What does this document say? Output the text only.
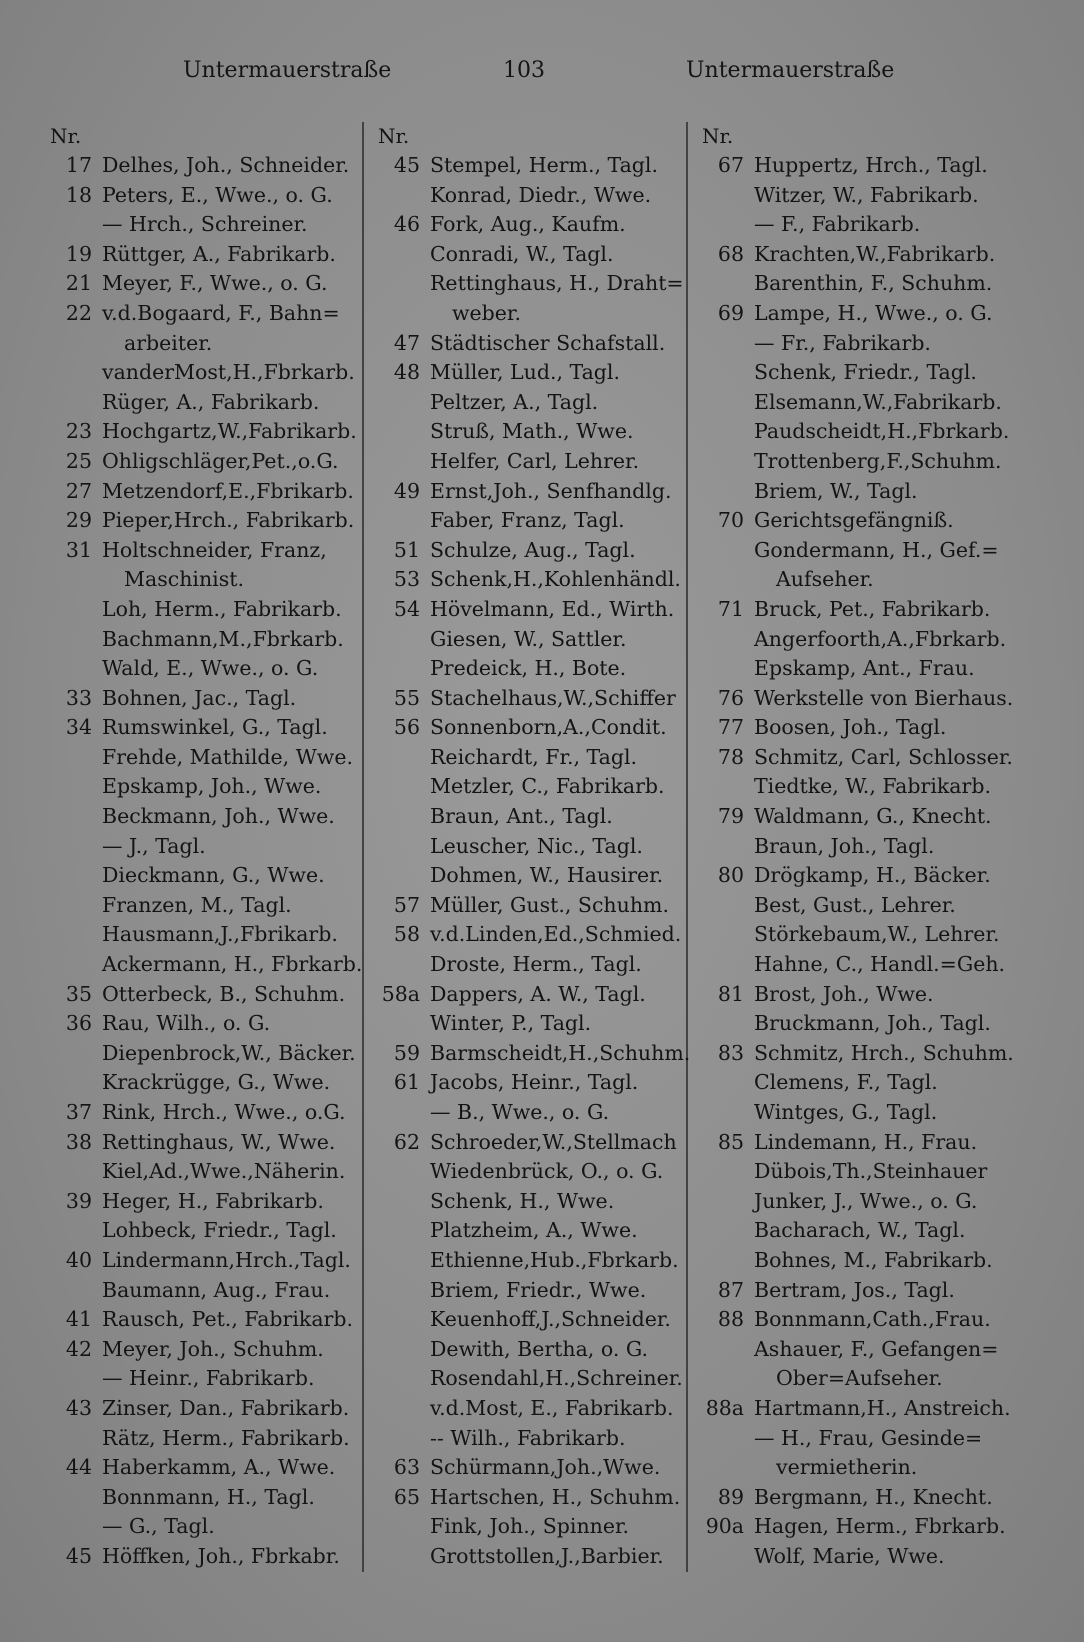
Untermauerstraße	103	Untermauerstraße
Nr.
17 Delhes, Joh., Schneider.
18 Peters, E., Wwe., o. G.
— Hrch., Schreiner.
19 Rüttger, A., Fabrikarb.
21 Meyer, F., Wwe., o. G.
22 v.d.Bogaard, F., Bahn=
arbeiter.
vanderMost,H.,Fbrkarb.
Rüger, A., Fabrikarb.
23 Hochgartz,W.,Fabrikarb.
25 Ohligschläger,Pet.,o.G.
27 Metzendorf,E.,Fbrikarb.
29 Pieper,Hrch., Fabrikarb.
31 Holtschneider, Franz,
Maschinist.
Loh, Herm., Fabrikarb.
Bachmann,M.,Fbrkarb.
Wald, E., Wwe., o. G.
33 Bohnen, Jac., Tagl.
34 Rumswinkel, G., Tagl.
Frehde, Mathilde, Wwe.
Epskamp, Joh., Wwe.
Beckmann, Joh., Wwe.
— J., Tagl.
Dieckmann, G., Wwe.
Franzen, M., Tagl.
Hausmann,J.,Fbrikarb.
Ackermann, H., Fbrkarb.
35 Otterbeck, B., Schuhm.
36 Rau, Wilh., o. G.
Diepenbrock,W., Bäcker.
Krackrügge, G., Wwe.
37 Rink, Hrch., Wwe., o.G.
38 Rettinghaus, W., Wwe.
Kiel,Ad.,Wwe.,Näherin.
39 Heger, H., Fabrikarb.
Lohbeck, Friedr., Tagl.
40 Lindermann,Hrch.,Tagl.
Baumann, Aug., Frau.
41 Rausch, Pet., Fabrikarb.
42 Meyer, Joh., Schuhm.
— Heinr., Fabrikarb.
43 Zinser, Dan., Fabrikarb.
Rätz, Herm., Fabrikarb.
44 Haberkamm, A., Wwe.
Bonnmann, H., Tagl.
— G., Tagl.
45 Höffken, Joh., Fbrkabr.
Nr.
45 Stempel, Herm., Tagl.
Konrad, Diedr., Wwe.
46 Fork, Aug., Kaufm.
Conradi, W., Tagl.
Rettinghaus, H., Draht=
weber.
47 Städtischer Schafstall.
48 Müller, Lud., Tagl.
Peltzer, A., Tagl.
Struß, Math., Wwe.
Helfer, Carl, Lehrer.
49 Ernst,Joh., Senfhandlg.
Faber, Franz, Tagl.
51 Schulze, Aug., Tagl.
53 Schenk,H.,Kohlenhändl.
54 Hövelmann, Ed., Wirth.
Giesen, W., Sattler.
Predeick, H., Bote.
55 Stachelhaus,W.,Schiffer
56 Sonnenborn,A.,Condit.
Reichardt, Fr., Tagl.
Metzler, C., Fabrikarb.
Braun, Ant., Tagl.
Leuscher, Nic., Tagl.
Dohmen, W., Hausirer.
57 Müller, Gust., Schuhm.
58 v.d.Linden,Ed.,Schmied.
Droste, Herm., Tagl.
58a Dappers, A. W., Tagl.
Winter, P., Tagl.
59 Barmscheidt,H.,Schuhm.
61 Jacobs, Heinr., Tagl.
— B., Wwe., o. G.
62 Schroeder,W.,Stellmach
Wiedenbrück, O., o. G.
Schenk, H., Wwe.
Platzheim, A., Wwe.
Ethienne,Hub.,Fbrkarb.
Briem, Friedr., Wwe.
Keuenhoff,J.,Schneider.
Dewith, Bertha, o. G.
Rosendahl,H.,Schreiner.
v.d.Most, E., Fabrikarb.
-- Wilh., Fabrikarb.
63 Schürmann,Joh.,Wwe.
65 Hartschen, H., Schuhm.
Fink, Joh., Spinner.
Grottstollen,J.,Barbier.
Nr.
67 Huppertz, Hrch., Tagl.
Witzer, W., Fabrikarb.
— F., Fabrikarb.
68 Krachten,W.,Fabrikarb.
Barenthin, F., Schuhm.
69 Lampe, H., Wwe., o. G.
— Fr., Fabrikarb.
Schenk, Friedr., Tagl.
Elsemann,W.,Fabrikarb.
Paudscheidt,H.,Fbrkarb.
Trottenberg,F.,Schuhm.
Briem, W., Tagl.
70 Gerichtsgefängniß.
Gondermann, H., Gef.=
Aufseher.
71 Bruck, Pet., Fabrikarb.
Angerfoorth,A.,Fbrkarb.
Epskamp, Ant., Frau.
76 Werkstelle von Bierhaus.
77 Boosen, Joh., Tagl.
78 Schmitz, Carl, Schlosser.
Tiedtke, W., Fabrikarb.
79 Waldmann, G., Knecht.
Braun, Joh., Tagl.
80 Drögkamp, H., Bäcker.
Best, Gust., Lehrer.
Störkebaum,W., Lehrer.
Hahne, C., Handl.=Geh.
81 Brost, Joh., Wwe.
Bruckmann, Joh., Tagl.
83 Schmitz, Hrch., Schuhm.
Clemens, F., Tagl.
Wintges, G., Tagl.
85 Lindemann, H., Frau.
Dübois,Th.,Steinhauer
Junker, J., Wwe., o. G.
Bacharach, W., Tagl.
Bohnes, M., Fabrikarb.
87 Bertram, Jos., Tagl.
88 Bonnmann,Cath.,Frau.
Ashauer, F., Gefangen=
Ober=Aufseher.
88a Hartmann,H., Anstreich.
— H., Frau, Gesinde=
vermietherin.
89 Bergmann, H., Knecht.
90a Hagen, Herm., Fbrkarb.
Wolf, Marie, Wwe.
